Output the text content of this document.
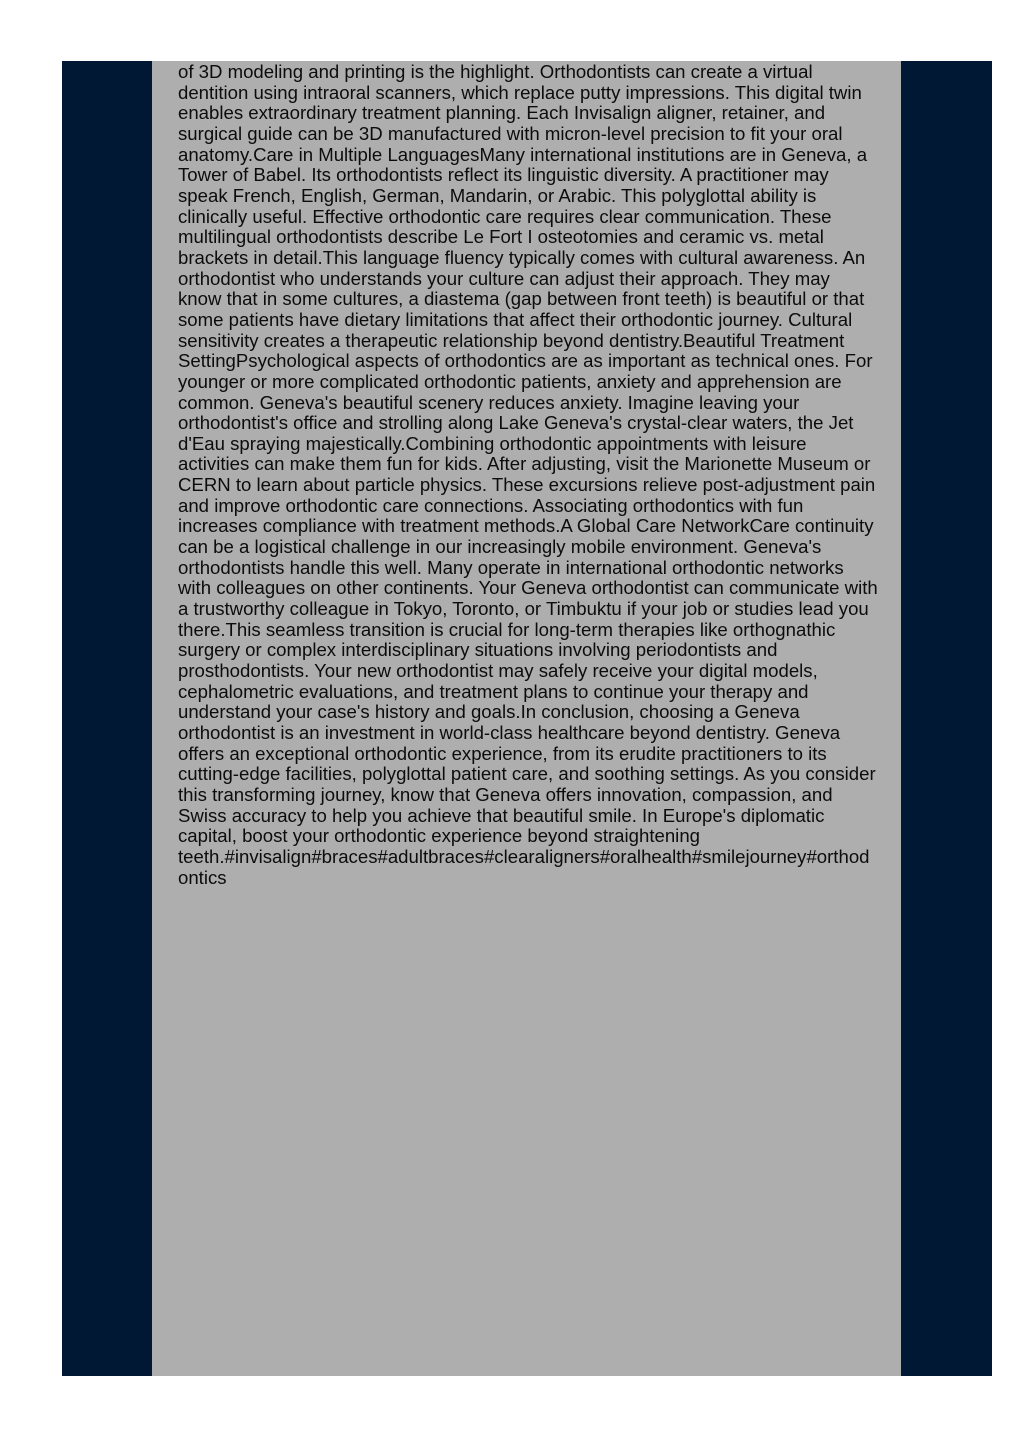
of 3D modeling and printing is the highlight. Orthodontists can create a virtual dentition using intraoral scanners, which replace putty impressions. This digital twin enables extraordinary treatment planning. Each Invisalign aligner, retainer, and surgical guide can be 3D manufactured with micron-level precision to fit your oral anatomy.Care in Multiple LanguagesMany international institutions are in Geneva, a Tower of Babel. Its orthodontists reflect its linguistic diversity. A practitioner may speak French, English, German, Mandarin, or Arabic. This polyglottal ability is clinically useful. Effective orthodontic care requires clear communication. These multilingual orthodontists describe Le Fort I osteotomies and ceramic vs. metal brackets in detail.This language fluency typically comes with cultural awareness. An orthodontist who understands your culture can adjust their approach. They may know that in some cultures, a diastema (gap between front teeth) is beautiful or that some patients have dietary limitations that affect their orthodontic journey. Cultural sensitivity creates a therapeutic relationship beyond dentistry.Beautiful Treatment SettingPsychological aspects of orthodontics are as important as technical ones. For younger or more complicated orthodontic patients, anxiety and apprehension are common. Geneva's beautiful scenery reduces anxiety. Imagine leaving your orthodontist's office and strolling along Lake Geneva's crystal-clear waters, the Jet d'Eau spraying majestically.Combining orthodontic appointments with leisure activities can make them fun for kids. After adjusting, visit the Marionette Museum or CERN to learn about particle physics. These excursions relieve post-adjustment pain and improve orthodontic care connections. Associating orthodontics with fun increases compliance with treatment methods.A Global Care NetworkCare continuity can be a logistical challenge in our increasingly mobile environment. Geneva's orthodontists handle this well. Many operate in international orthodontic networks with colleagues on other continents. Your Geneva orthodontist can communicate with a trustworthy colleague in Tokyo, Toronto, or Timbuktu if your job or studies lead you there.This seamless transition is crucial for long-term therapies like orthognathic surgery or complex interdisciplinary situations involving periodontists and prosthodontists. Your new orthodontist may safely receive your digital models, cephalometric evaluations, and treatment plans to continue your therapy and understand your case's history and goals.In conclusion, choosing a Geneva orthodontist is an investment in world-class healthcare beyond dentistry. Geneva offers an exceptional orthodontic experience, from its erudite practitioners to its cutting-edge facilities, polyglottal patient care, and soothing settings. As you consider this transforming journey, know that Geneva offers innovation, compassion, and Swiss accuracy to help you achieve that beautiful smile. In Europe's diplomatic capital, boost your orthodontic experience beyond straightening teeth.#invisalign#braces#adultbraces#clearaligners#oralhealth#smilejourney#orthodontics
